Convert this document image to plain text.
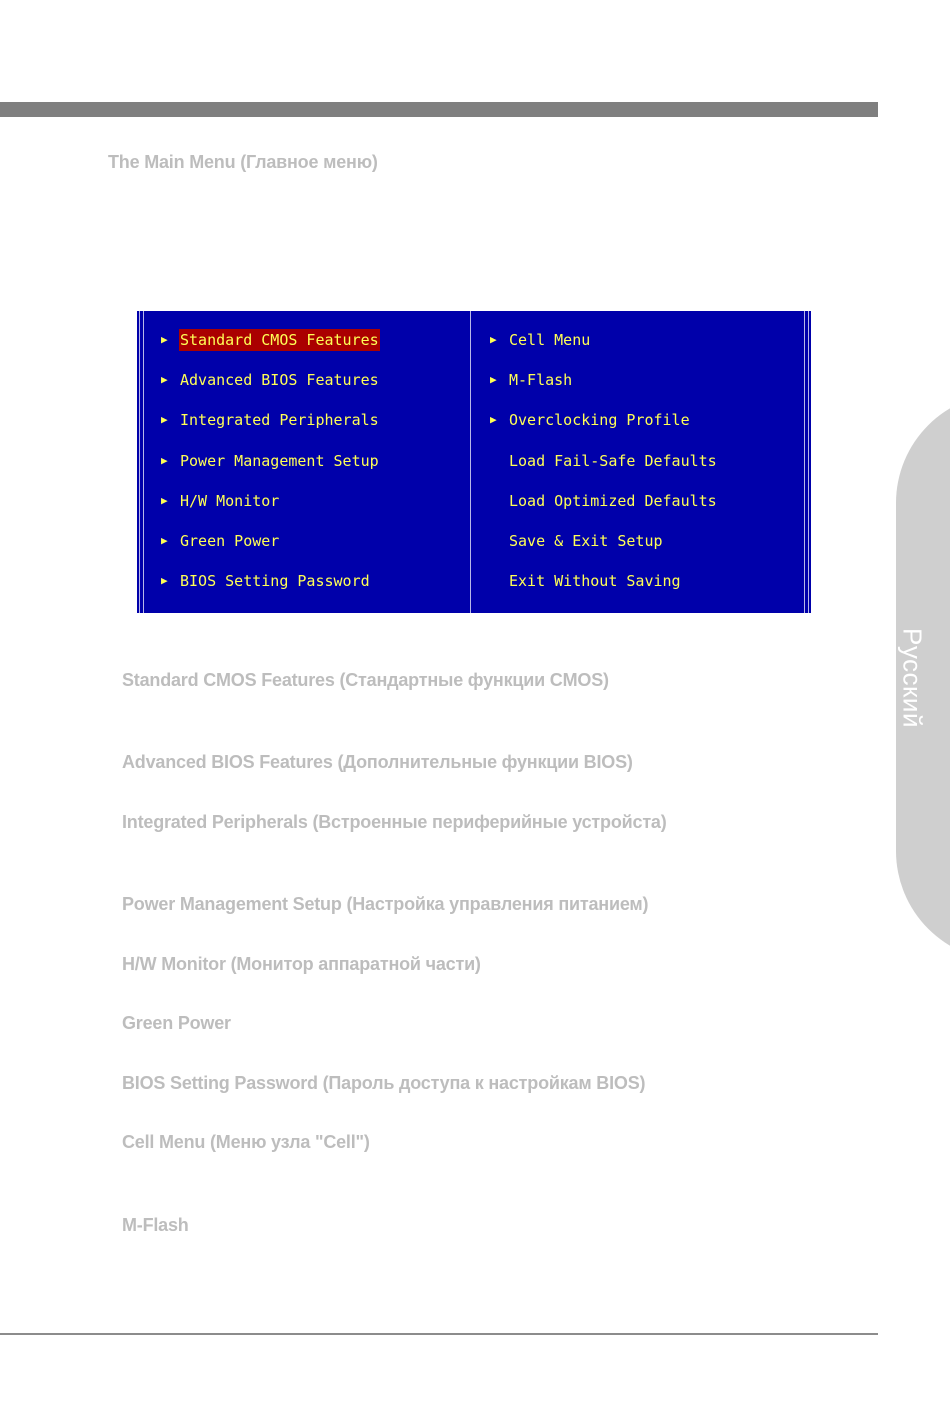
The Main Menu (Главное меню)
Русский
▶ Standard CMOS Features
▶ Advanced BIOS Features
▶ Integrated Peripherals
▶ Power Management Setup
▶ H/W Monitor
▶ Green Power
▶ BIOS Setting Password
▶ Cell Menu
▶ M-Flash
▶ Overclocking Profile
Load Fail-Safe Defaults
Load Optimized Defaults
Save & Exit Setup
Exit Without Saving
Standard CMOS Features (Стандартные функции CMOS)
Advanced BIOS Features (Дополнительные функции BIOS)
Integrated Peripherals (Встроенные периферийные устройста)
Power Management Setup (Настройка управления питанием)
H/W Monitor (Монитор аппаратной части)
Green Power
BIOS Setting Password (Пароль доступа к настройкам BIOS)
Cell Menu (Меню узла "Cell")
M-Flash
